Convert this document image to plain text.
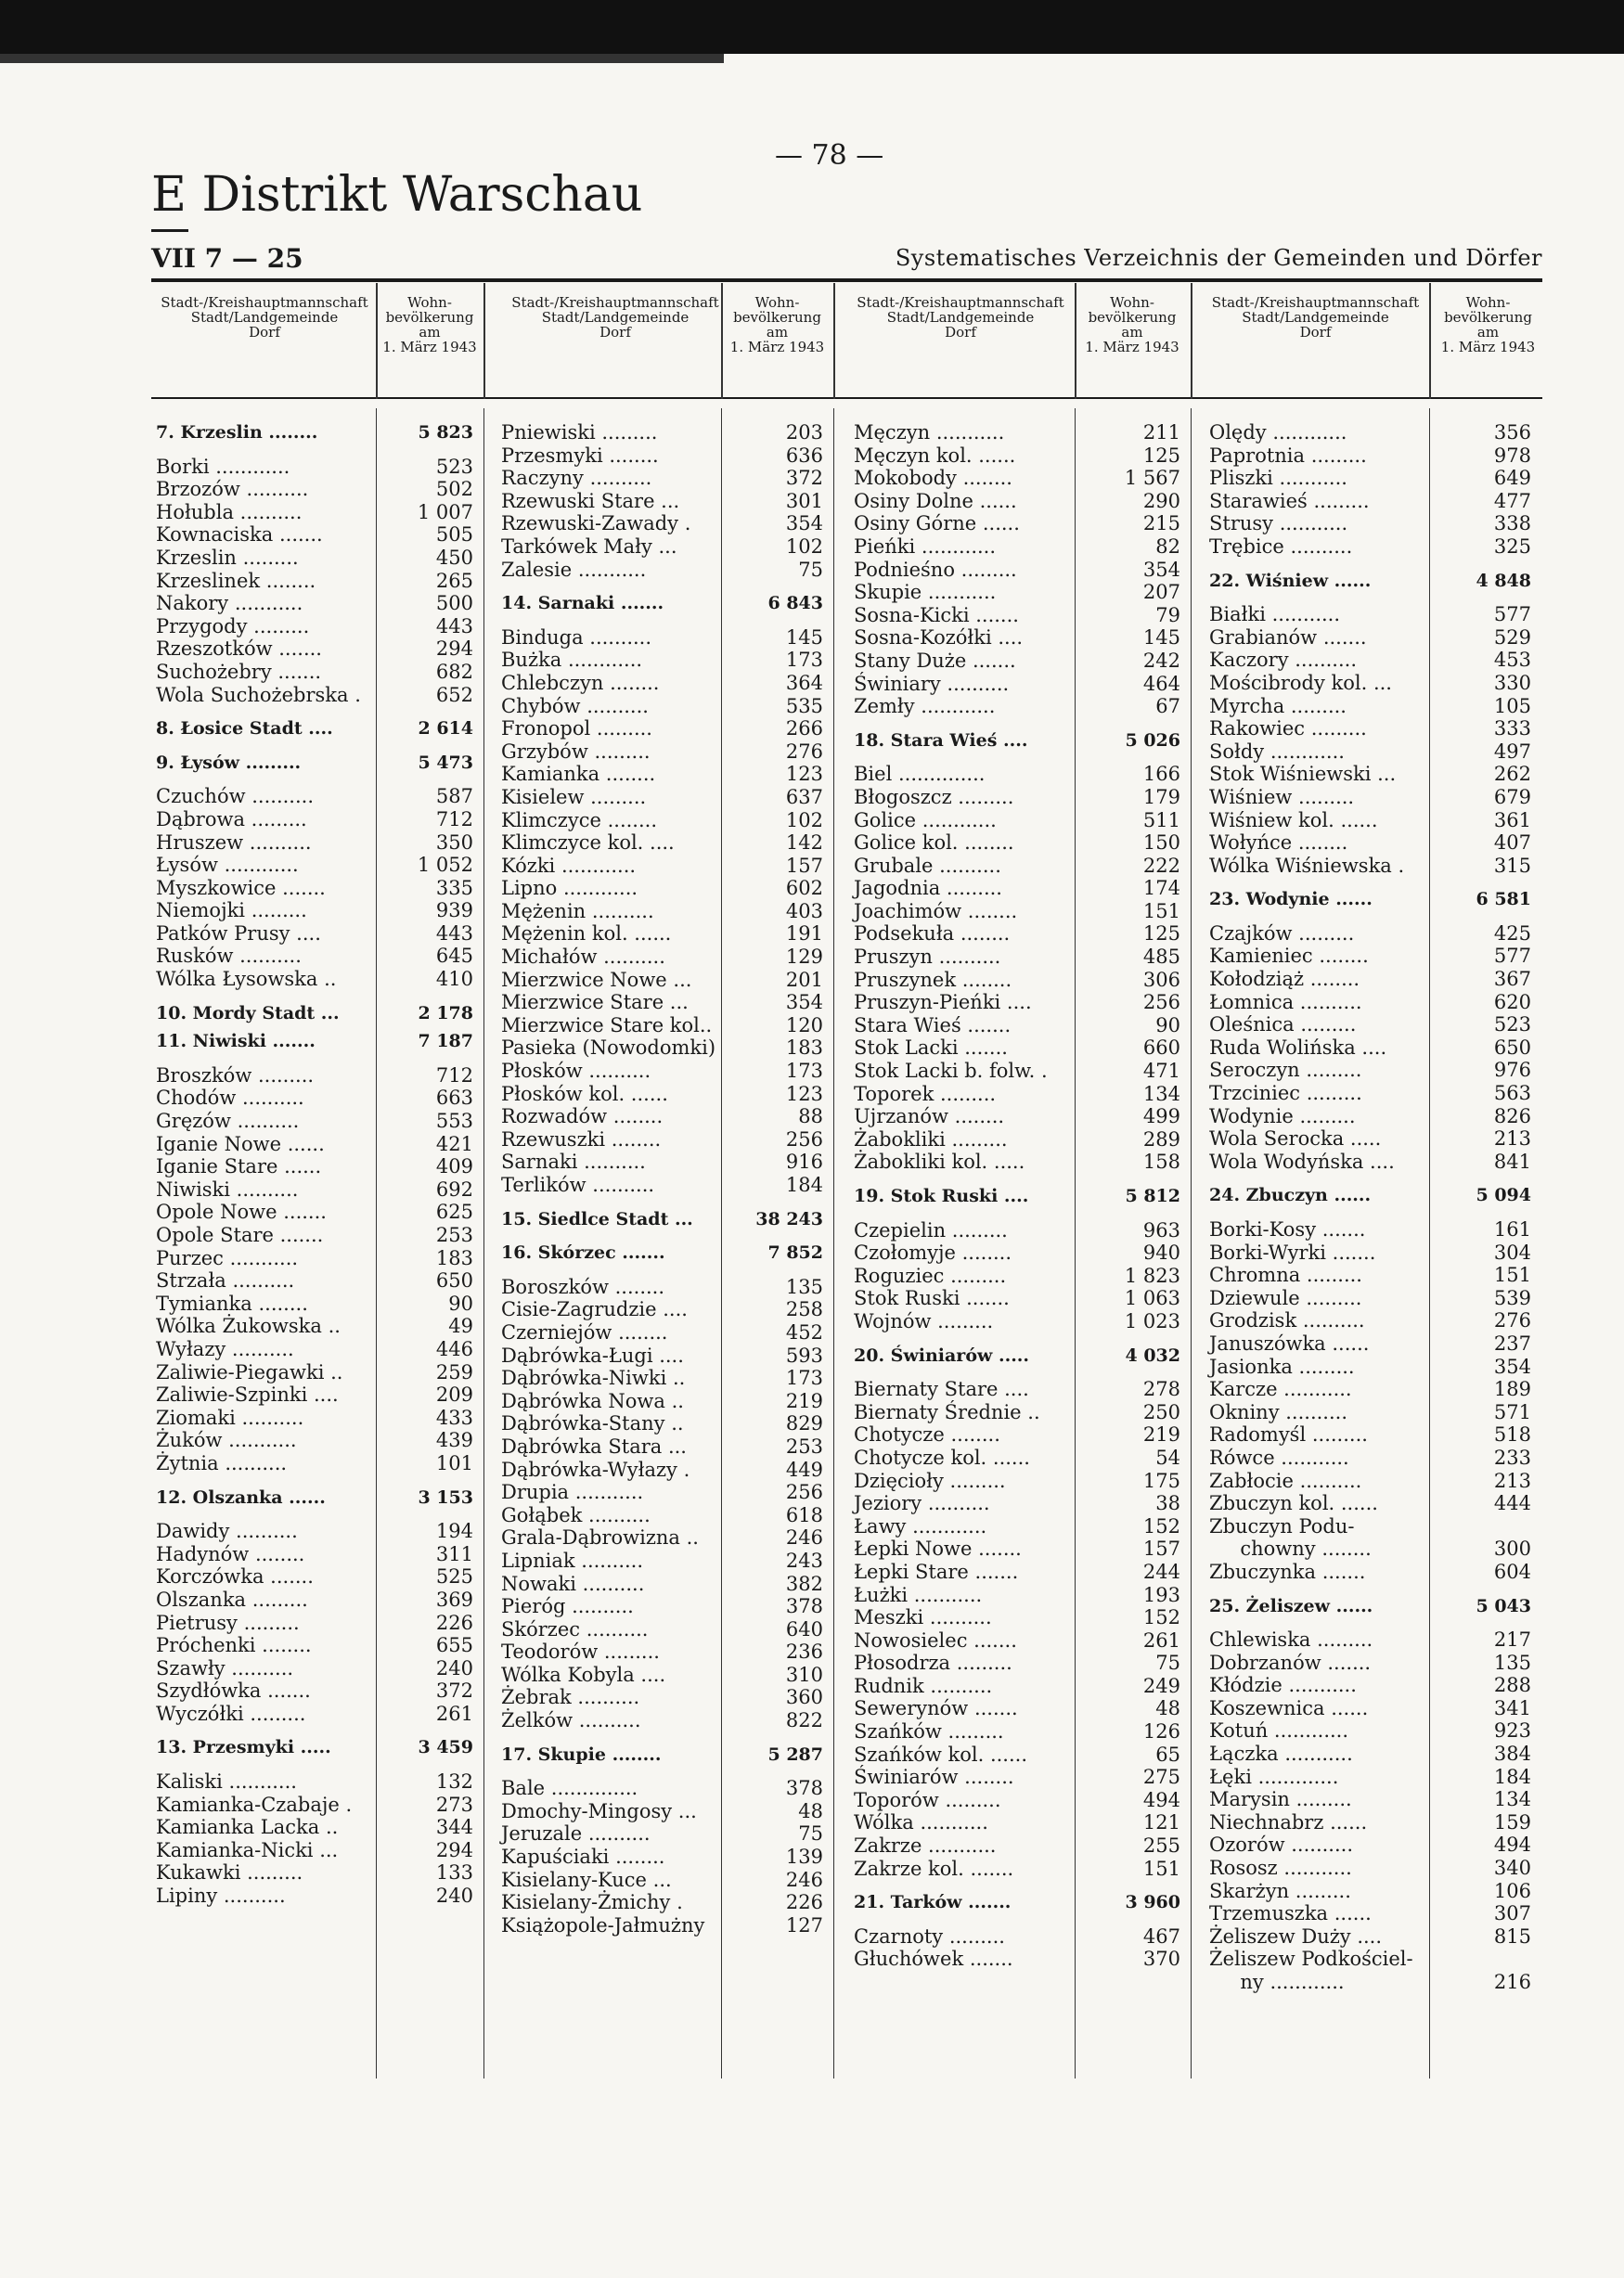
— 78 —
E Distrikt Warschau
VII 7 — 25	Systematisches Verzeichnis der Gemeinden und Dörfer
Stadt-/Kreishauptmannschaft
Stadt/Landgemeinde
Dorf
Wohn-
bevölkerung
am
1. März 1943
Stadt-/Kreishauptmannschaft
Stadt/Landgemeinde
Dorf
Wohn-
bevölkerung
am
1. März 1943
Stadt-/Kreishauptmannschaft
Stadt/Landgemeinde
Dorf
Wohn-
bevölkerung
am
1. März 1943
Stadt-/Kreishauptmannschaft
Stadt/Landgemeinde
Dorf
Wohn-
bevölkerung
am
1. März 1943
7. Krzeslin ........	5 823
Borki ............	523
Brzozów ..........	502
Hołubla ..........	1 007
Kownaciska .......	505
Krzeslin .........	450
Krzeslinek ........	265
Nakory ...........	500
Przygody .........	443
Rzeszotków .......	294
Suchożebry .......	682
Wola Suchożebrska .	652
8. Łosice Stadt ....	2 614
9. Łysów .........	5 473
Czuchów ..........	587
Dąbrowa .........	712
Hruszew ..........	350
Łysów ............	1 052
Myszkowice .......	335
Niemojki .........	939
Patków Prusy ....	443
Rusków ..........	645
Wólka Łysowska ..	410
10. Mordy Stadt ...	2 178
11. Niwiski .......	7 187
Broszków .........	712
Chodów ..........	663
Gręzów ..........	553
Iganie Nowe ......	421
Iganie Stare ......	409
Niwiski ..........	692
Opole Nowe .......	625
Opole Stare .......	253
Purzec ...........	183
Strzała ..........	650
Tymianka ........	90
Wólka Żukowska ..	49
Wyłazy ..........	446
Zaliwie-Piegawki ..	259
Zaliwie-Szpinki ....	209
Ziomaki ..........	433
Żuków ...........	439
Żytnia ..........	101
12. Olszanka ......	3 153
Dawidy ..........	194
Hadynów ........	311
Korczówka .......	525
Olszanka .........	369
Pietrusy .........	226
Próchenki ........	655
Szawły ..........	240
Szydłówka .......	372
Wyczółki .........	261
13. Przesmyki .....	3 459
Kaliski ...........	132
Kamianka-Czabaje .	273
Kamianka Lacka ..	344
Kamianka-Nicki ...	294
Kukawki .........	133
Lipiny ..........	240
Pniewiski .........	203
Przesmyki ........	636
Raczyny ..........	372
Rzewuski Stare ...	301
Rzewuski-Zawady .	354
Tarkówek Mały ...	102
Zalesie ...........	75
14. Sarnaki .......	6 843
Binduga ..........	145
Bużka ............	173
Chlebczyn ........	364
Chybów ..........	535
Fronopol .........	266
Grzybów .........	276
Kamianka ........	123
Kisielew .........	637
Klimczyce ........	102
Klimczyce kol. ....	142
Kózki ............	157
Lipno ............	602
Mężenin ..........	403
Mężenin kol. ......	191
Michałów ..........	129
Mierzwice Nowe ...	201
Mierzwice Stare ...	354
Mierzwice Stare kol..	120
Pasieka (Nowodomki)	183
Płosków ..........	173
Płosków kol. ......	123
Rozwadów ........	88
Rzewuszki ........	256
Sarnaki ..........	916
Terlików ..........	184
15. Siedlce Stadt ...	38 243
16. Skórzec .......	7 852
Boroszków ........	135
Cisie-Zagrudzie ....	258
Czerniejów ........	452
Dąbrówka-Ługi ....	593
Dąbrówka-Niwki ..	173
Dąbrówka Nowa ..	219
Dąbrówka-Stany ..	829
Dąbrówka Stara ...	253
Dąbrówka-Wyłazy .	449
Drupia ...........	256
Gołąbek ..........	618
Grala-Dąbrowizna ..	246
Lipniak ..........	243
Nowaki ..........	382
Pieróg ..........	378
Skórzec ..........	640
Teodorów .........	236
Wólka Kobyla ....	310
Żebrak ..........	360
Żelków ..........	822
17. Skupie ........	5 287
Bale ..............	378
Dmochy-Mingosy ...	48
Jeruzale ..........	75
Kapuściaki ........	139
Kisielany-Kuce ...	246
Kisielany-Żmichy .	226
Książopole-Jałmużny	127
Męczyn ...........	211
Męczyn kol. ......	125
Mokobody ........	1 567
Osiny Dolne ......	290
Osiny Górne ......	215
Pieńki ............	82
Podnieśno .........	354
Skupie ...........	207
Sosna-Kicki .......	79
Sosna-Kozółki ....	145
Stany Duże .......	242
Świniary ..........	464
Zemły ............	67
18. Stara Wieś ....	5 026
Biel ..............	166
Błogoszcz .........	179
Golice ............	511
Golice kol. ........	150
Grubale ..........	222
Jagodnia .........	174
Joachimów ........	151
Podsekuła ........	125
Pruszyn ..........	485
Pruszynek ........	306
Pruszyn-Pieńki ....	256
Stara Wieś .......	90
Stok Lacki .......	660
Stok Lacki b. folw. .	471
Toporek .........	134
Ujrzanów ........	499
Żabokliki .........	289
Żabokliki kol. .....	158
19. Stok Ruski ....	5 812
Czepielin .........	963
Czołomyje ........	940
Roguziec .........	1 823
Stok Ruski .......	1 063
Wojnów .........	1 023
20. Świniarów .....	4 032
Biernaty Stare ....	278
Biernaty Średnie ..	250
Chotycze ........	219
Chotycze kol. ......	54
Dzięcioły .........	175
Jeziory ..........	38
Ławy ............	152
Łepki Nowe .......	157
Łepki Stare .......	244
Łużki ...........	193
Meszki ..........	152
Nowosielec .......	261
Płosodrza .........	75
Rudnik ..........	249
Sewerynów .......	48
Szańków .........	126
Szańków kol. ......	65
Świniarów ........	275
Toporów .........	494
Wólka ...........	121
Zakrze ...........	255
Zakrze kol. .......	151
21. Tarków .......	3 960
Czarnoty .........	467
Głuchówek .......	370
Olędy ............	356
Paprotnia .........	978
Pliszki ...........	649
Starawieś .........	477
Strusy ...........	338
Trębice ..........	325
22. Wiśniew ......	4 848
Białki ...........	577
Grabianów .......	529
Kaczory ..........	453
Mościbrody kol. ...	330
Myrcha .........	105
Rakowiec .........	333
Sołdy ............	497
Stok Wiśniewski ...	262
Wiśniew .........	679
Wiśniew kol. ......	361
Wołyńce ........	407
Wólka Wiśniewska .	315
23. Wodynie ......	6 581
Czajków .........	425
Kamieniec ........	577
Kołodziąż ........	367
Łomnica ..........	620
Oleśnica .........	523
Ruda Wolińska ....	650
Seroczyn .........	976
Trzciniec .........	563
Wodynie .........	826
Wola Serocka .....	213
Wola Wodyńska ....	841
24. Zbuczyn ......	5 094
Borki-Kosy .......	161
Borki-Wyrki .......	304
Chromna .........	151
Dziewule .........	539
Grodzisk ..........	276
Januszówka ......	237
Jasionka .........	354
Karcze ...........	189
Okniny ..........	571
Radomyśl .........	518
Rówce ...........	233
Zabłocie ..........	213
Zbuczyn kol. ......	444
Zbuczyn Podu-
chowny ........	300
Zbuczynka .......	604
25. Żeliszew ......	5 043
Chlewiska .........	217
Dobrzanów .......	135
Kłódzie ...........	288
Koszewnica ......	341
Kotuń ............	923
Łączka ...........	384
Łęki .............	184
Marysin .........	134
Niechnabrz ......	159
Ozorów ..........	494
Rososz ...........	340
Skarżyn .........	106
Trzemuszka ......	307
Żeliszew Duży ....	815
Żeliszew Podkościel-
ny ............	216
